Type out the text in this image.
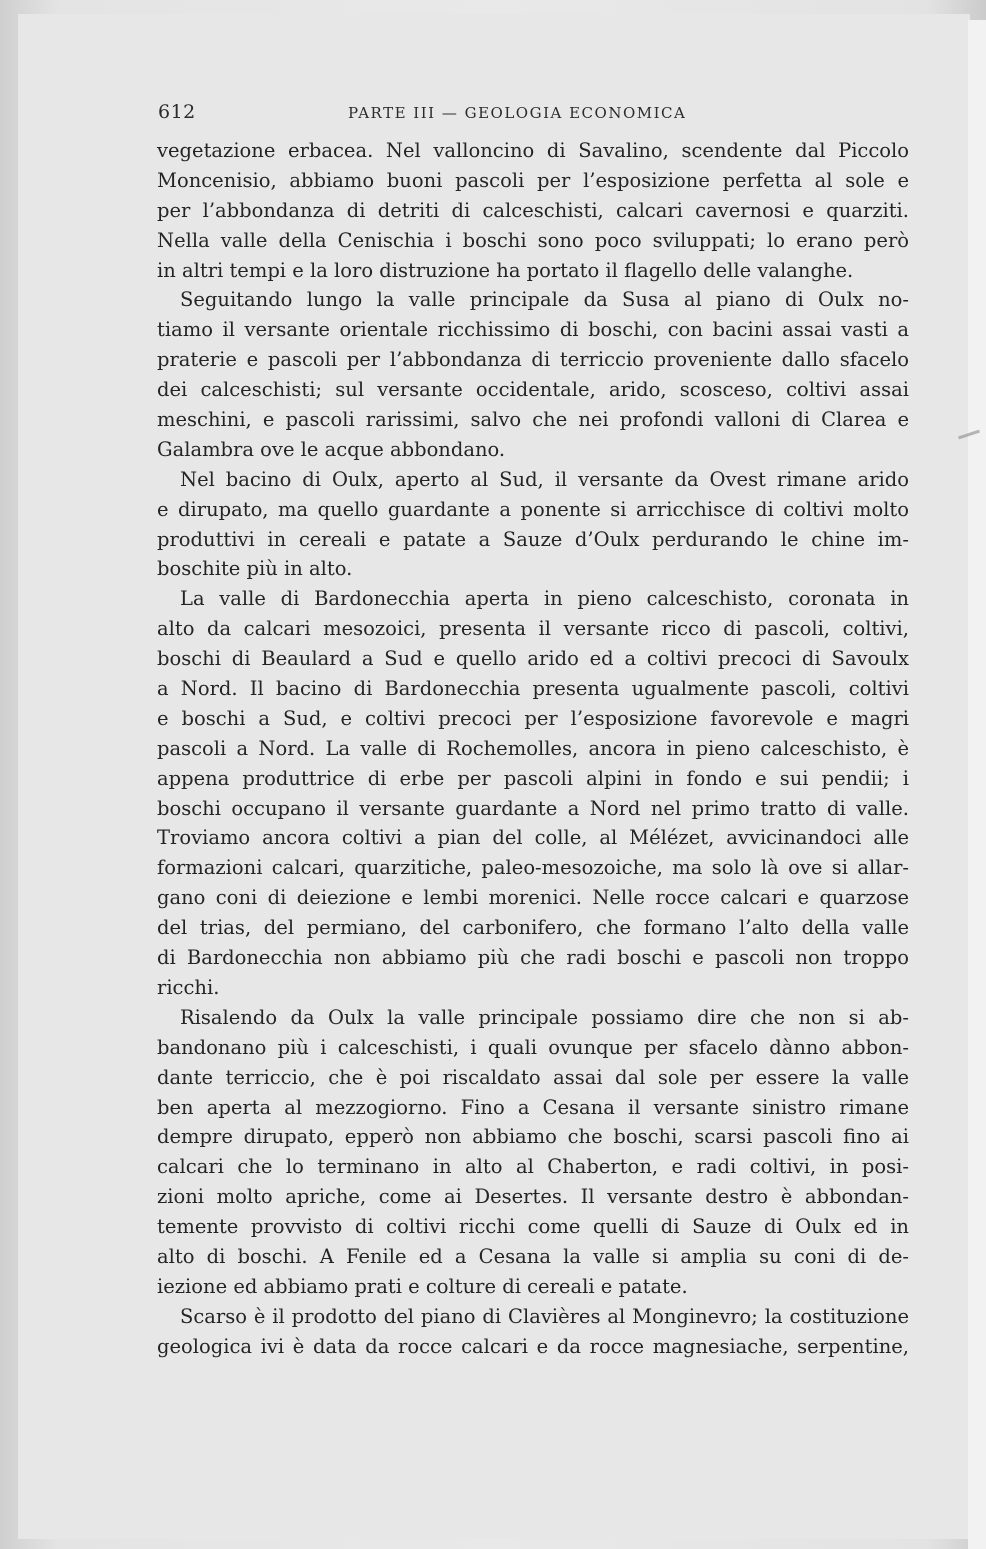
612	PARTE III — GEOLOGIA ECONOMICA
vegetazione erbacea. Nel valloncino di Savalino, scendente dal Piccolo
Moncenisio, abbiamo buoni pascoli per l’esposizione perfetta al sole e
per l’abbondanza di detriti di calceschisti, calcari cavernosi e quarziti.
Nella valle della Cenischia i boschi sono poco sviluppati; lo erano però
in altri tempi e la loro distruzione ha portato il flagello delle valanghe.
Seguitando lungo la valle principale da Susa al piano di Oulx no-
tiamo il versante orientale ricchissimo di boschi, con bacini assai vasti a
praterie e pascoli per l’abbondanza di terriccio proveniente dallo sfacelo
dei calceschisti; sul versante occidentale, arido, scosceso, coltivi assai
meschini, e pascoli rarissimi, salvo che nei profondi valloni di Clarea e
Galambra ove le acque abbondano.
Nel bacino di Oulx, aperto al Sud, il versante da Ovest rimane arido
e dirupato, ma quello guardante a ponente si arricchisce di coltivi molto
produttivi in cereali e patate a Sauze d’Oulx perdurando le chine im-
boschite più in alto.
La valle di Bardonecchia aperta in pieno calceschisto, coronata in
alto da calcari mesozoici, presenta il versante ricco di pascoli, coltivi,
boschi di Beaulard a Sud e quello arido ed a coltivi precoci di Savoulx
a Nord. Il bacino di Bardonecchia presenta ugualmente pascoli, coltivi
e boschi a Sud, e coltivi precoci per l’esposizione favorevole e magri
pascoli a Nord. La valle di Rochemolles, ancora in pieno calceschisto, è
appena produttrice di erbe per pascoli alpini in fondo e sui pendii; i
boschi occupano il versante guardante a Nord nel primo tratto di valle.
Troviamo ancora coltivi a pian del colle, al Mélézet, avvicinandoci alle
formazioni calcari, quarzitiche, paleo-mesozoiche, ma solo là ove si allar-
gano coni di deiezione e lembi morenici. Nelle rocce calcari e quarzose
del trias, del permiano, del carbonifero, che formano l’alto della valle
di Bardonecchia non abbiamo più che radi boschi e pascoli non troppo
ricchi.
Risalendo da Oulx la valle principale possiamo dire che non si ab-
bandonano più i calceschisti, i quali ovunque per sfacelo dànno abbon-
dante terriccio, che è poi riscaldato assai dal sole per essere la valle
ben aperta al mezzogiorno. Fino a Cesana il versante sinistro rimane
dempre dirupato, epperò non abbiamo che boschi, scarsi pascoli fino ai
calcari che lo terminano in alto al Chaberton, e radi coltivi, in posi-
zioni molto apriche, come ai Desertes. Il versante destro è abbondan-
temente provvisto di coltivi ricchi come quelli di Sauze di Oulx ed in
alto di boschi. A Fenile ed a Cesana la valle si amplia su coni di de-
iezione ed abbiamo prati e colture di cereali e patate.
Scarso è il prodotto del piano di Clavières al Monginevro; la costituzione
geologica ivi è data da rocce calcari e da rocce magnesiache, serpentine,
